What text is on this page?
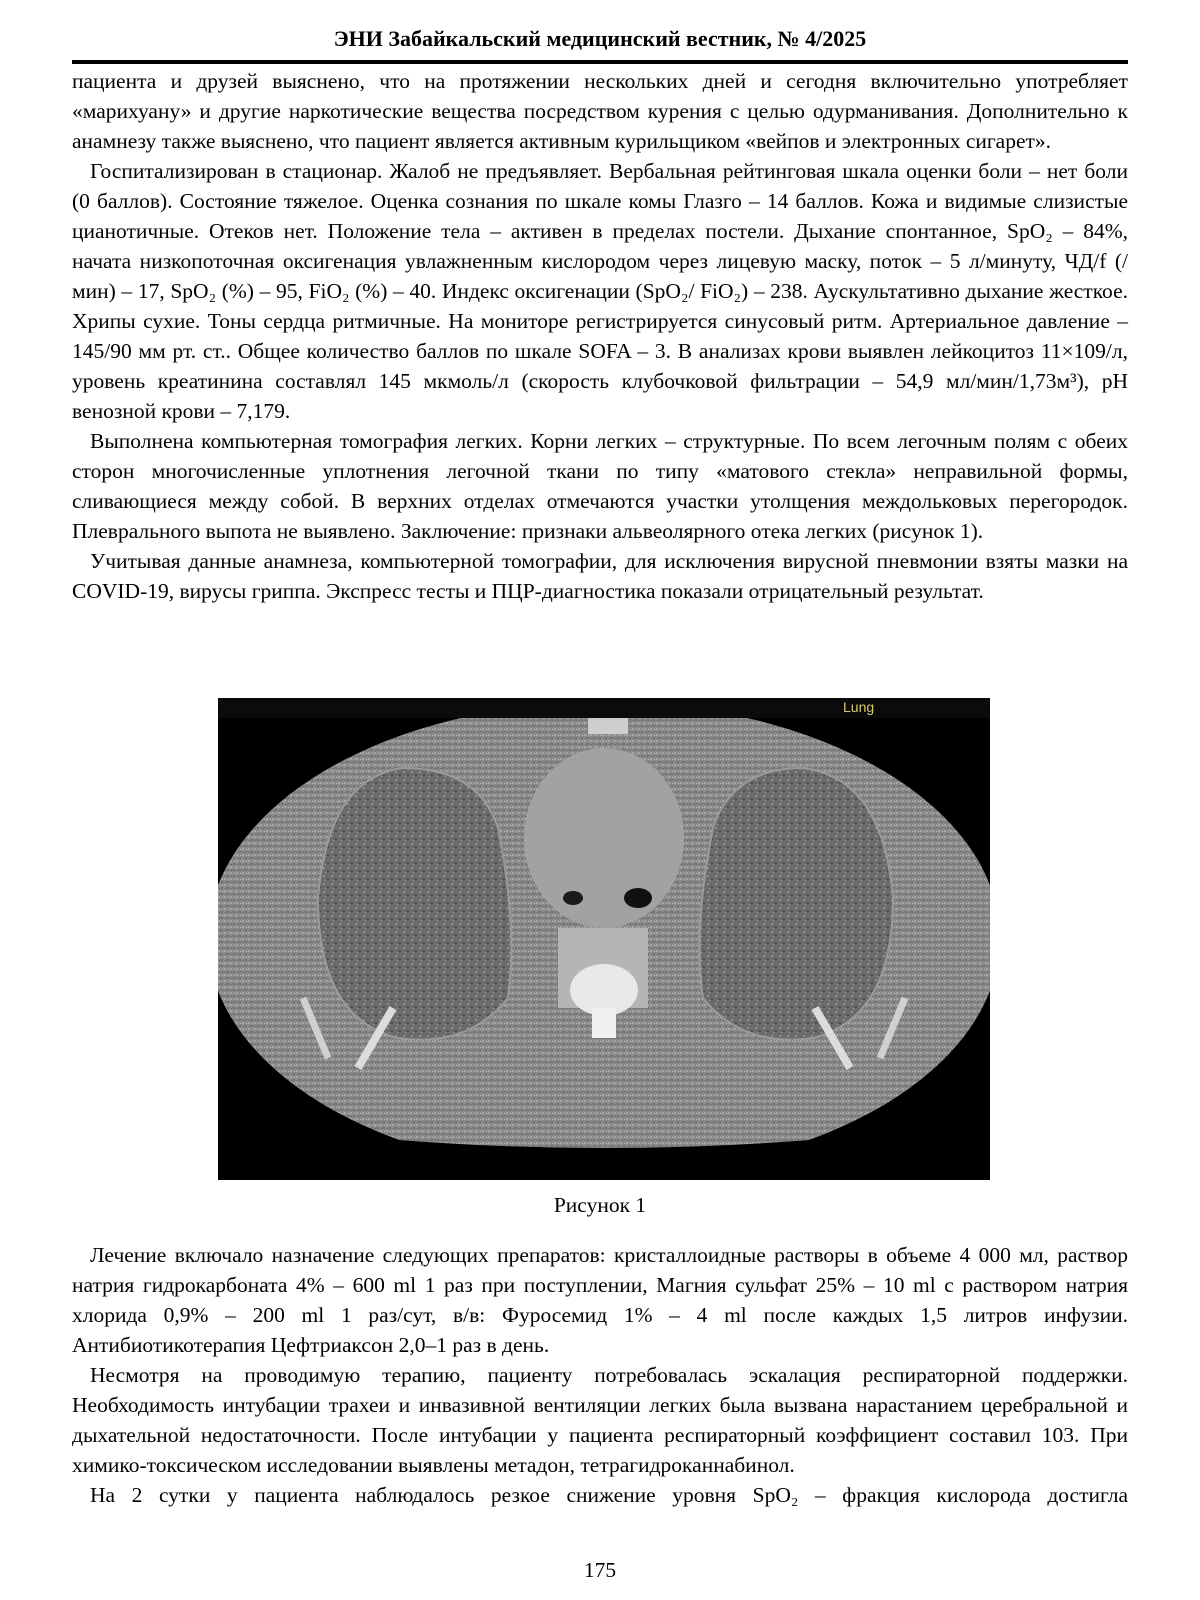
ЭНИ Забайкальский медицинский вестник, № 4/2025

пациента и друзей выяснено, что на протяжении нескольких дней и сегодня включительно употребляет «марихуану» и другие наркотические вещества посредством курения с целью одурманивания. Дополнительно к анамнезу также выяснено, что пациент является активным курильщиком «вейпов и электронных сигарет».

Госпитализирован в стационар. Жалоб не предъявляет. Вербальная рейтинговая шкала оценки боли – нет боли (0 баллов). Состояние тяжелое. Оценка сознания по шкале комы Глазго – 14 баллов. Кожа и видимые слизистые цианотичные. Отеков нет. Положение тела – активен в пределах постели. Дыхание спонтанное, SpO₂ – 84%, начата низкопоточная оксигенация увлажненным кислородом через лицевую маску, поток – 5 л/минуту, ЧД/f (/мин) – 17, SpO₂ (%) – 95, FiO₂ (%) – 40. Индекс оксигенации (SpO₂/ FiO₂) – 238. Аускультативно дыхание жесткое. Хрипы сухие. Тоны сердца ритмичные. На мониторе регистрируется синусовый ритм. Артериальное давление – 145/90 мм рт. ст.. Общее количество баллов по шкале SOFA – 3. В анализах крови выявлен лейкоцитоз 11×109/л, уровень креатинина составлял 145 мкмоль/л (скорость клубочковой фильтрации – 54,9 мл/мин/1,73м³), pH венозной крови – 7,179.

Выполнена компьютерная томография легких. Корни легких – структурные. По всем легочным полям с обеих сторон многочисленные уплотнения легочной ткани по типу «матового стекла» неправильной формы, сливающиеся между собой. В верхних отделах отмечаются участки утолщения междольковых перегородок. Плеврального выпота не выявлено. Заключение: признаки альвеолярного отека легких (рисунок 1).

Учитывая данные анамнеза, компьютерной томографии, для исключения вирусной пневмонии взяты мазки на COVID-19, вирусы гриппа. Экспресс тесты и ПЦР-диагностика показали отрицательный результат.

Lung
Рисунок 1

Лечение включало назначение следующих препаратов: кристаллоидные растворы в объеме 4 000 мл, раствор натрия гидрокарбоната 4% – 600 ml 1 раз при поступлении, Магния сульфат 25% – 10 ml с раствором натрия хлорида 0,9% – 200 ml 1 раз/сут, в/в: Фуросемид 1% – 4 ml после каждых 1,5 литров инфузии. Антибиотикотерапия Цефтриаксон 2,0–1 раз в день.

Несмотря на проводимую терапию, пациенту потребовалась эскалация респираторной поддержки. Необходимость интубации трахеи и инвазивной вентиляции легких была вызвана нарастанием церебральной и дыхательной недостаточности. После интубации у пациента респираторный коэффициент составил 103. При химико-токсическом исследовании выявлены метадон, тетрагидроканнабинол.

На 2 сутки у пациента наблюдалось резкое снижение уровня SpO₂ – фракция кислорода достигла

175
